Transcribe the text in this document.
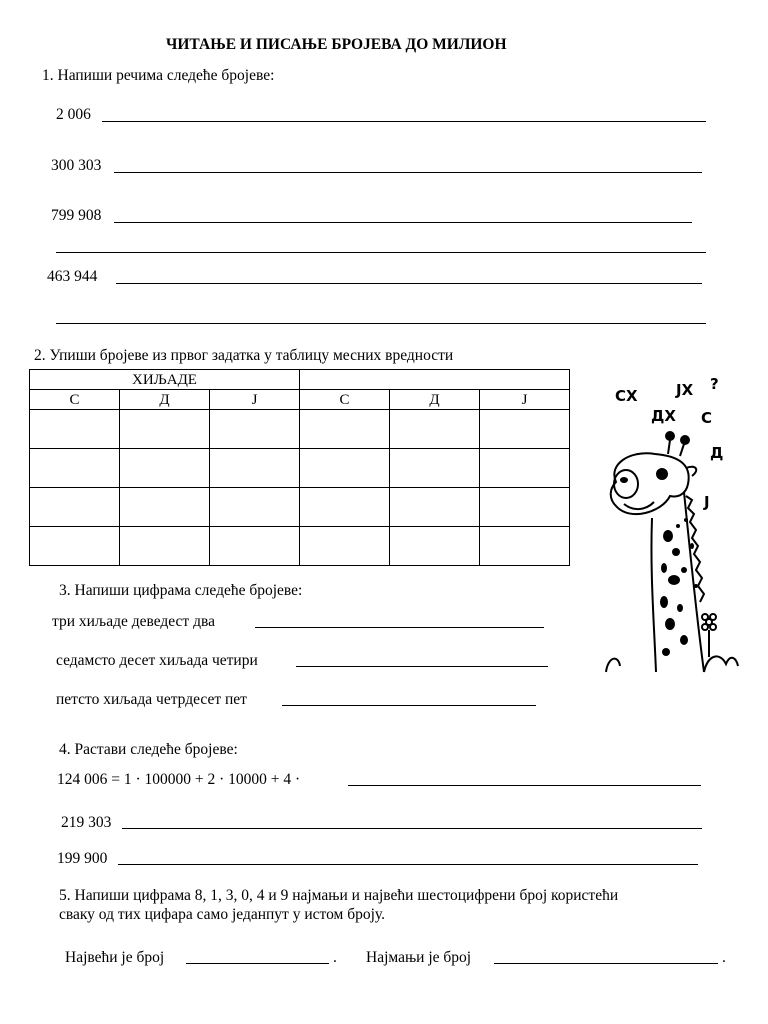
ЧИТАЊЕ И ПИСАЊЕ БРОЈЕВА ДО МИЛИОН
1. Напиши речима следеће бројеве:
2 006
300 303
799 908
463 944
2. Упиши бројеве из првог задатка у таблицу месних вредности
ХИЉАДЕ					
С	Д	Ј	С	Д	Ј

						СХ	ЈХ ?
ДХ С
Д
Ј
3. Напиши цифрама следеће бројеве:
три хиљаде деведест два
седамсто десет хиљада четири
петсто хиљада четрдесет пет
4. Растави следеће бројеве:
124 006 = 1 · 100000 + 2 · 10000 + 4 ·
219 303
199 900
5. Напиши цифрама 8, 1, 3, 0, 4 и 9 најмањи и највећи шестоцифрени број користећи
сваку од тих цифара само једанпут у истом броју.
Највећи је број	. Најмањи је број	.
